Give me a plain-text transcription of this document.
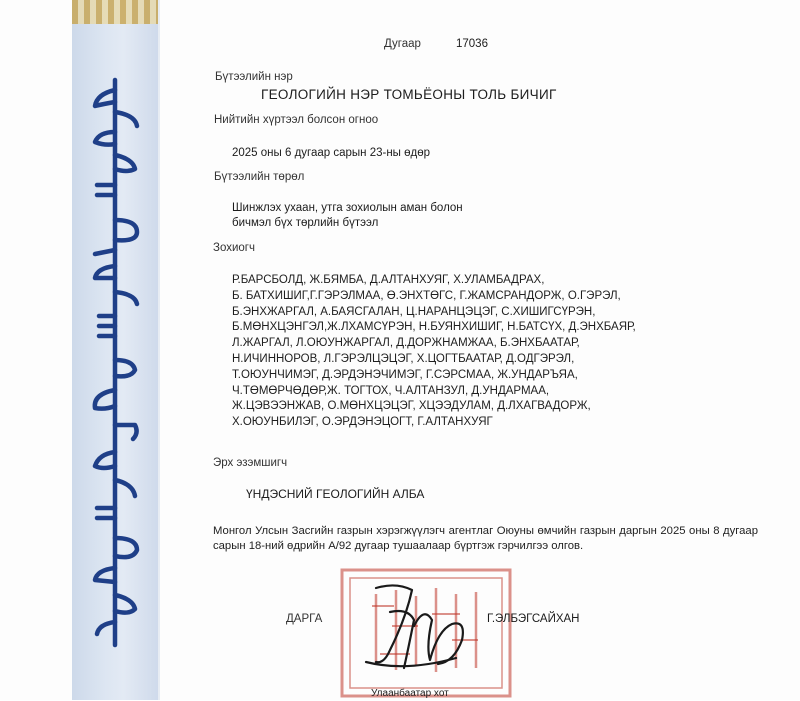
Дугаар	17036
Бүтээлийн нэр
ГЕОЛОГИЙН НЭР ТОМЬЁОНЫ ТОЛЬ БИЧИГ
Нийтийн хүртээл болсон огноо
2025 оны 6 дугаар сарын 23-ны өдөр
Бүтээлийн төрөл
Шинжлэх ухаан, утга зохиолын аман болон
бичмэл бүх төрлийн бүтээл
Зохиогч
Р.БАРСБОЛД, Ж.БЯМБА, Д.АЛТАНХУЯГ, Х.УЛАМБАДРАХ,
Б. БАТХИШИГ,Г.ГЭРЭЛМАА, Ө.ЭНХТӨГС, Г.ЖАМСРАНДОРЖ, О.ГЭРЭЛ,
Б.ЭНХЖАРГАЛ, А.БАЯСГАЛАН, Ц.НАРАНЦЭЦЭГ, С.ХИШИГСҮРЭН,
Б.МӨНХЦЭНГЭЛ,Ж.ЛХАМСҮРЭН, Н.БУЯНХИШИГ, Н.БАТСҮХ, Д.ЭНХБАЯР,
Л.ЖАРГАЛ, Л.ОЮУНЖАРГАЛ, Д.ДОРЖНАМЖАА, Б.ЭНХБААТАР,
Н.ИЧИННОРОВ, Л.ГЭРЭЛЦЭЦЭГ, Х.ЦОГТБААТАР, Д.ОДГЭРЭЛ,
Т.ОЮУНЧИМЭГ, Д.ЭРДЭНЭЧИМЭГ, Г.СЭРСМАА, Ж.УНДАРЪЯА,
Ч.ТӨМӨРЧӨДӨР,Ж. ТОГТОХ, Ч.АЛТАНЗУЛ, Д.УНДАРМАА,
Ж.ЦЭВЭЭНЖАВ, О.МӨНХЦЭЦЭГ, ХЦЭЭДУЛАМ, Д.ЛХАГВАДОРЖ,
Х.ОЮУНБИЛЭГ, О.ЭРДЭНЭЦОГТ, Г.АЛТАНХУЯГ
Эрх эзэмшигч
ҮНДЭСНИЙ ГЕОЛОГИЙН АЛБА
Монгол Улсын Засгийн газрын хэрэгжүүлэгч агентлаг Оюуны өмчийн газрын даргын 2025 оны 8 дугаар сарын 18-ний өдрийн А/92 дугаар тушаалаар бүртгэж гэрчилгээ олгов.
ДАРГА	Г.ЭЛБЭГСАЙХАН
Улаанбаатар хот
